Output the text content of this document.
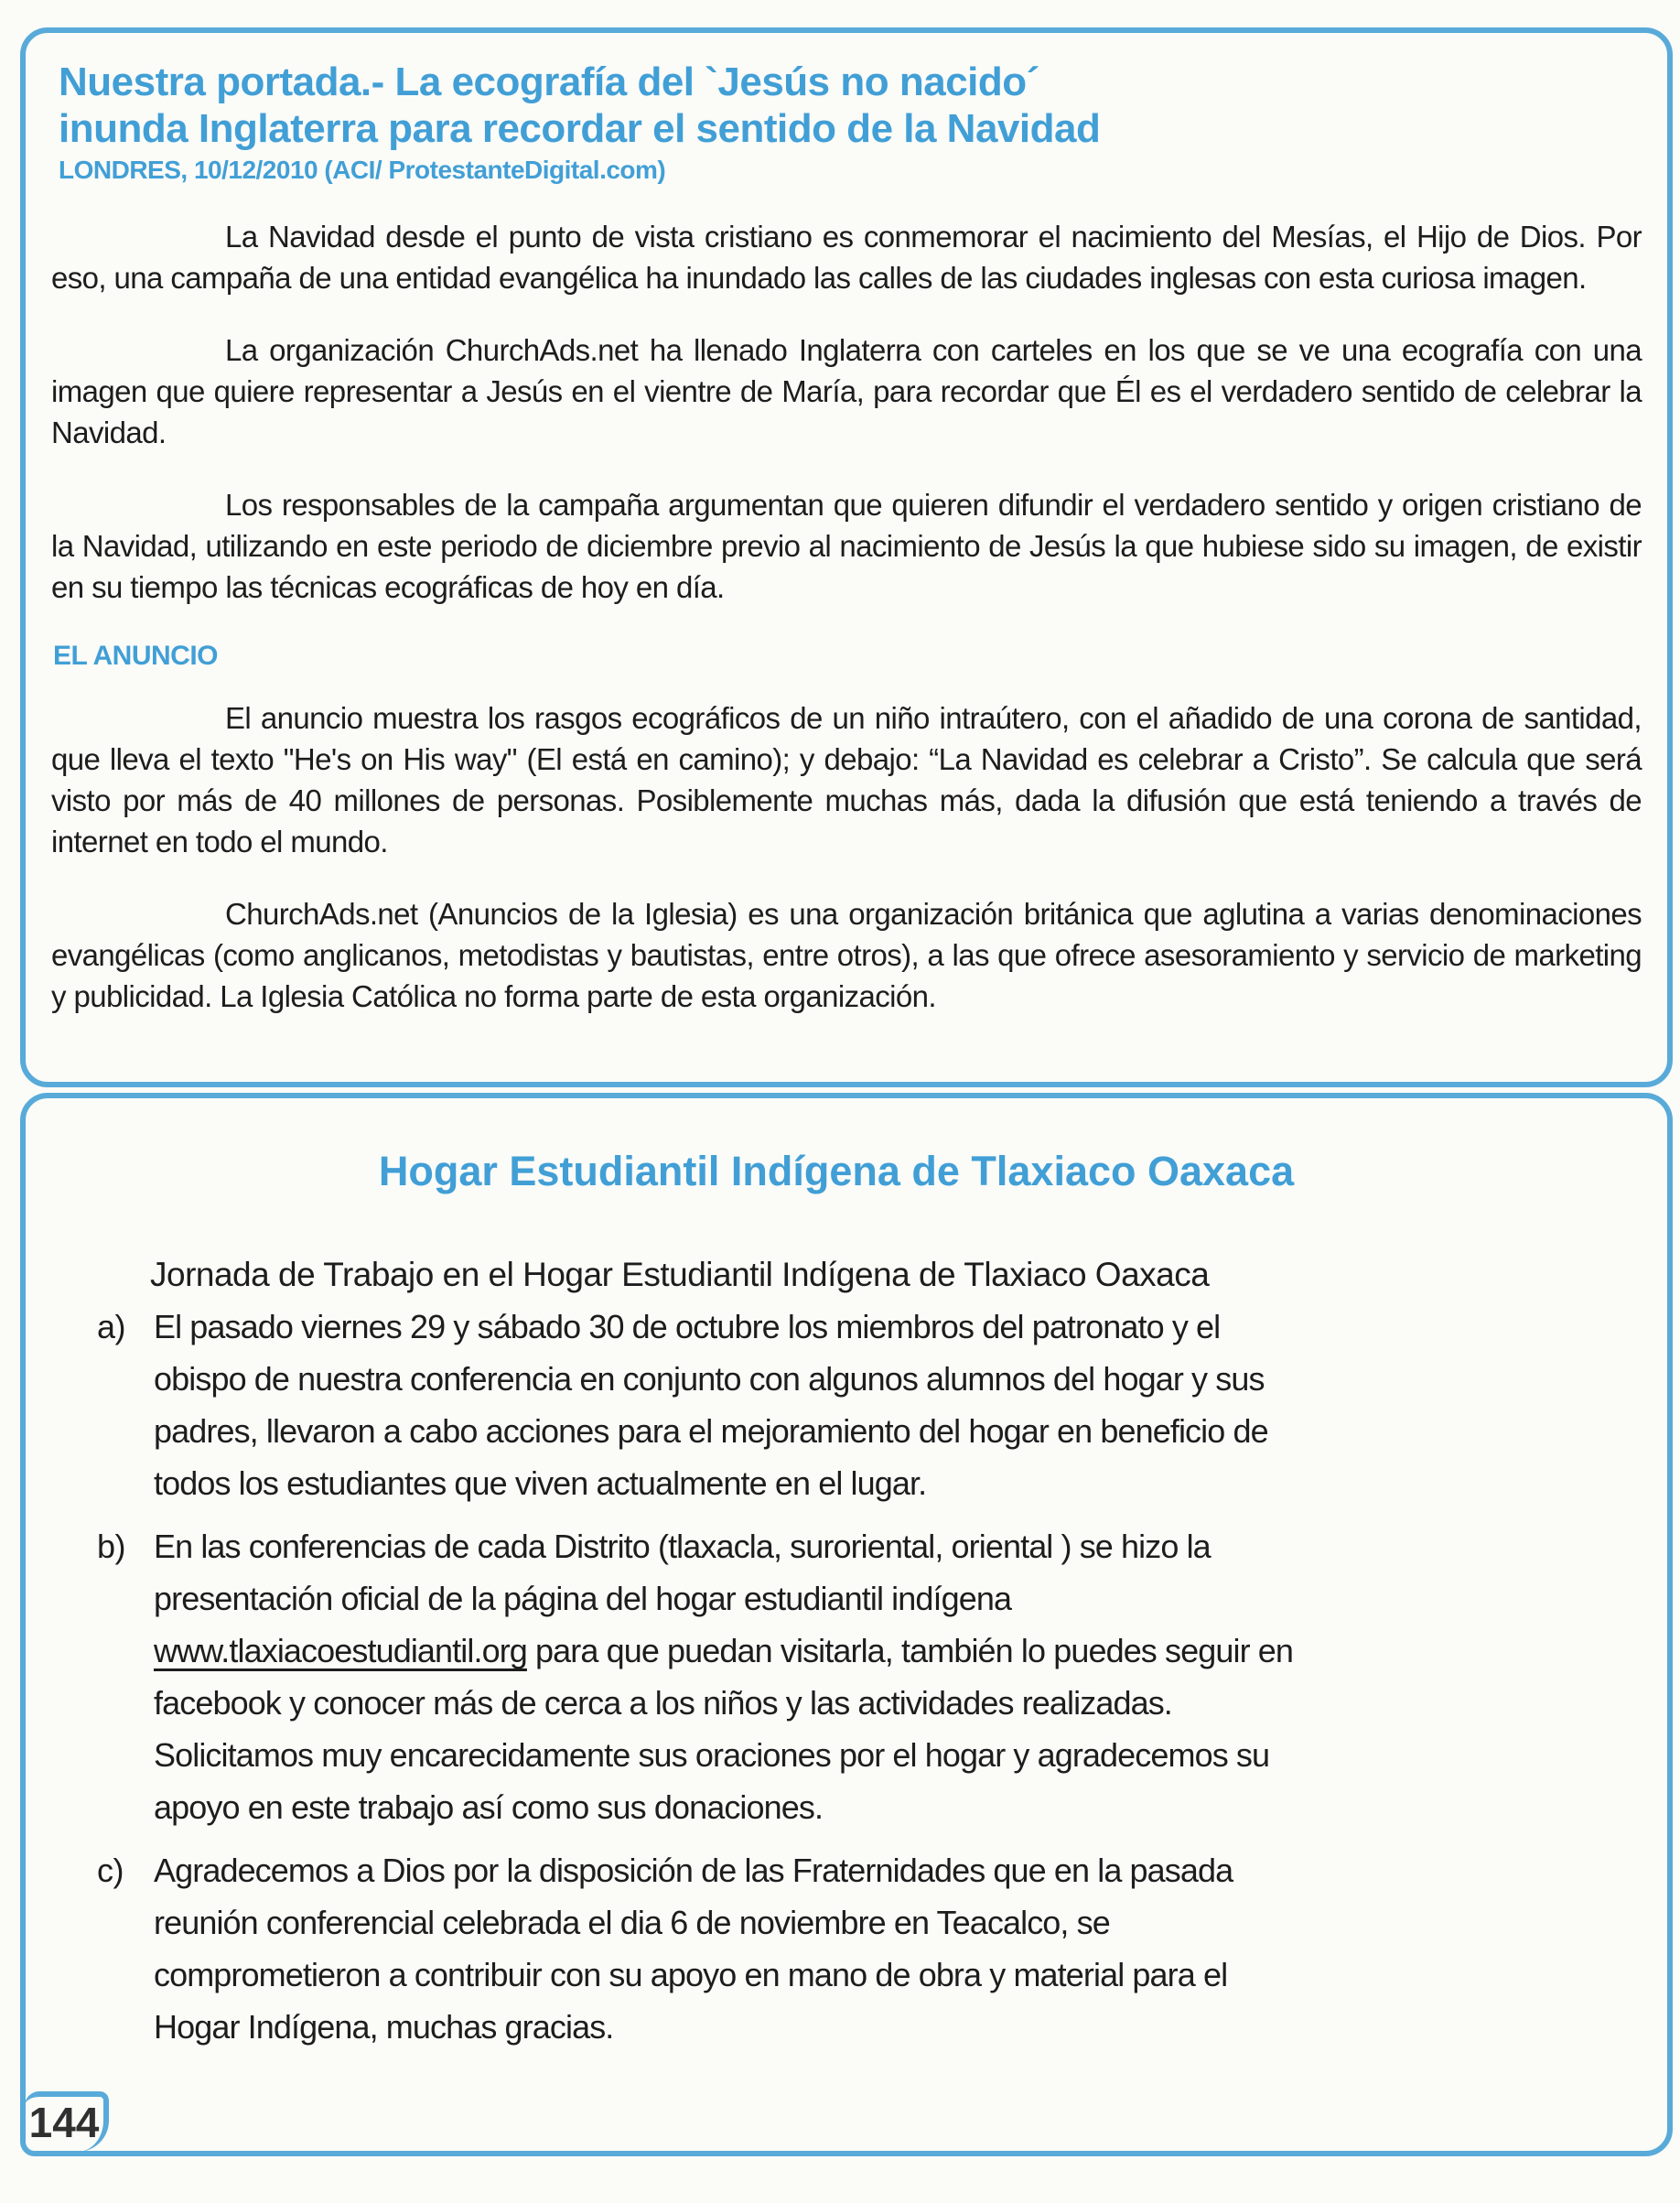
Nuestra portada.- La ecografía del `Jesús no nacido´
inunda Inglaterra para recordar el sentido de la Navidad
LONDRES, 10/12/2010 (ACI/ ProtestanteDigital.com)

La Navidad desde el punto de vista cristiano es conmemorar el nacimiento del Mesías, el Hijo de Dios. Por eso, una campaña de una entidad evangélica ha inundado las calles de las ciudades inglesas con esta curiosa imagen.

La organización ChurchAds.net ha llenado Inglaterra con carteles en los que se ve una ecografía con una imagen que quiere representar a Jesús en el vientre de María, para recordar que Él es el verdadero sentido de celebrar la Navidad.

Los responsables de la campaña argumentan que quieren difundir el verdadero sentido y origen cristiano de la Navidad, utilizando en este periodo de diciembre previo al nacimiento de Jesús la que hubiese sido su imagen, de existir en su tiempo las técnicas ecográficas de hoy en día.

EL ANUNCIO

El anuncio muestra los rasgos ecográficos de un niño intraútero, con el añadido de una corona de santidad, que lleva el texto "He's on His way" (El está en camino); y debajo: “La Navidad es celebrar a Cristo”. Se calcula que será visto por más de 40 millones de personas. Posiblemente muchas más, dada la difusión que está teniendo a través de internet en todo el mundo.

ChurchAds.net (Anuncios de la Iglesia) es una organización británica que aglutina a varias denominaciones evangélicas (como anglicanos, metodistas y bautistas, entre otros), a las que ofrece asesoramiento y servicio de marketing y publicidad. La Iglesia Católica no forma parte de esta organización.

Hogar Estudiantil Indígena de Tlaxiaco Oaxaca

Jornada de Trabajo en el Hogar Estudiantil Indígena de Tlaxiaco Oaxaca

a) El pasado viernes 29 y sábado 30 de octubre los miembros del patronato y el obispo de nuestra conferencia en conjunto con algunos alumnos del hogar y sus padres, llevaron a cabo acciones para el mejoramiento del hogar en beneficio de todos los estudiantes que viven actualmente en el lugar.
b) En las conferencias de cada Distrito (tlaxacla, suroriental, oriental ) se hizo la presentación oficial de la página del hogar estudiantil indígena www.tlaxiacoestudiantil.org para que puedan visitarla, también lo puedes seguir en facebook y conocer más de cerca a los niños y las actividades realizadas. Solicitamos muy encarecidamente sus oraciones por el hogar y agradecemos su apoyo en este trabajo así como sus donaciones.
c) Agradecemos a Dios por la disposición de las Fraternidades que en la pasada reunión conferencial celebrada el dia 6 de noviembre en Teacalco, se comprometieron a contribuir con su apoyo en mano de obra y material para el Hogar Indígena, muchas gracias.
144
